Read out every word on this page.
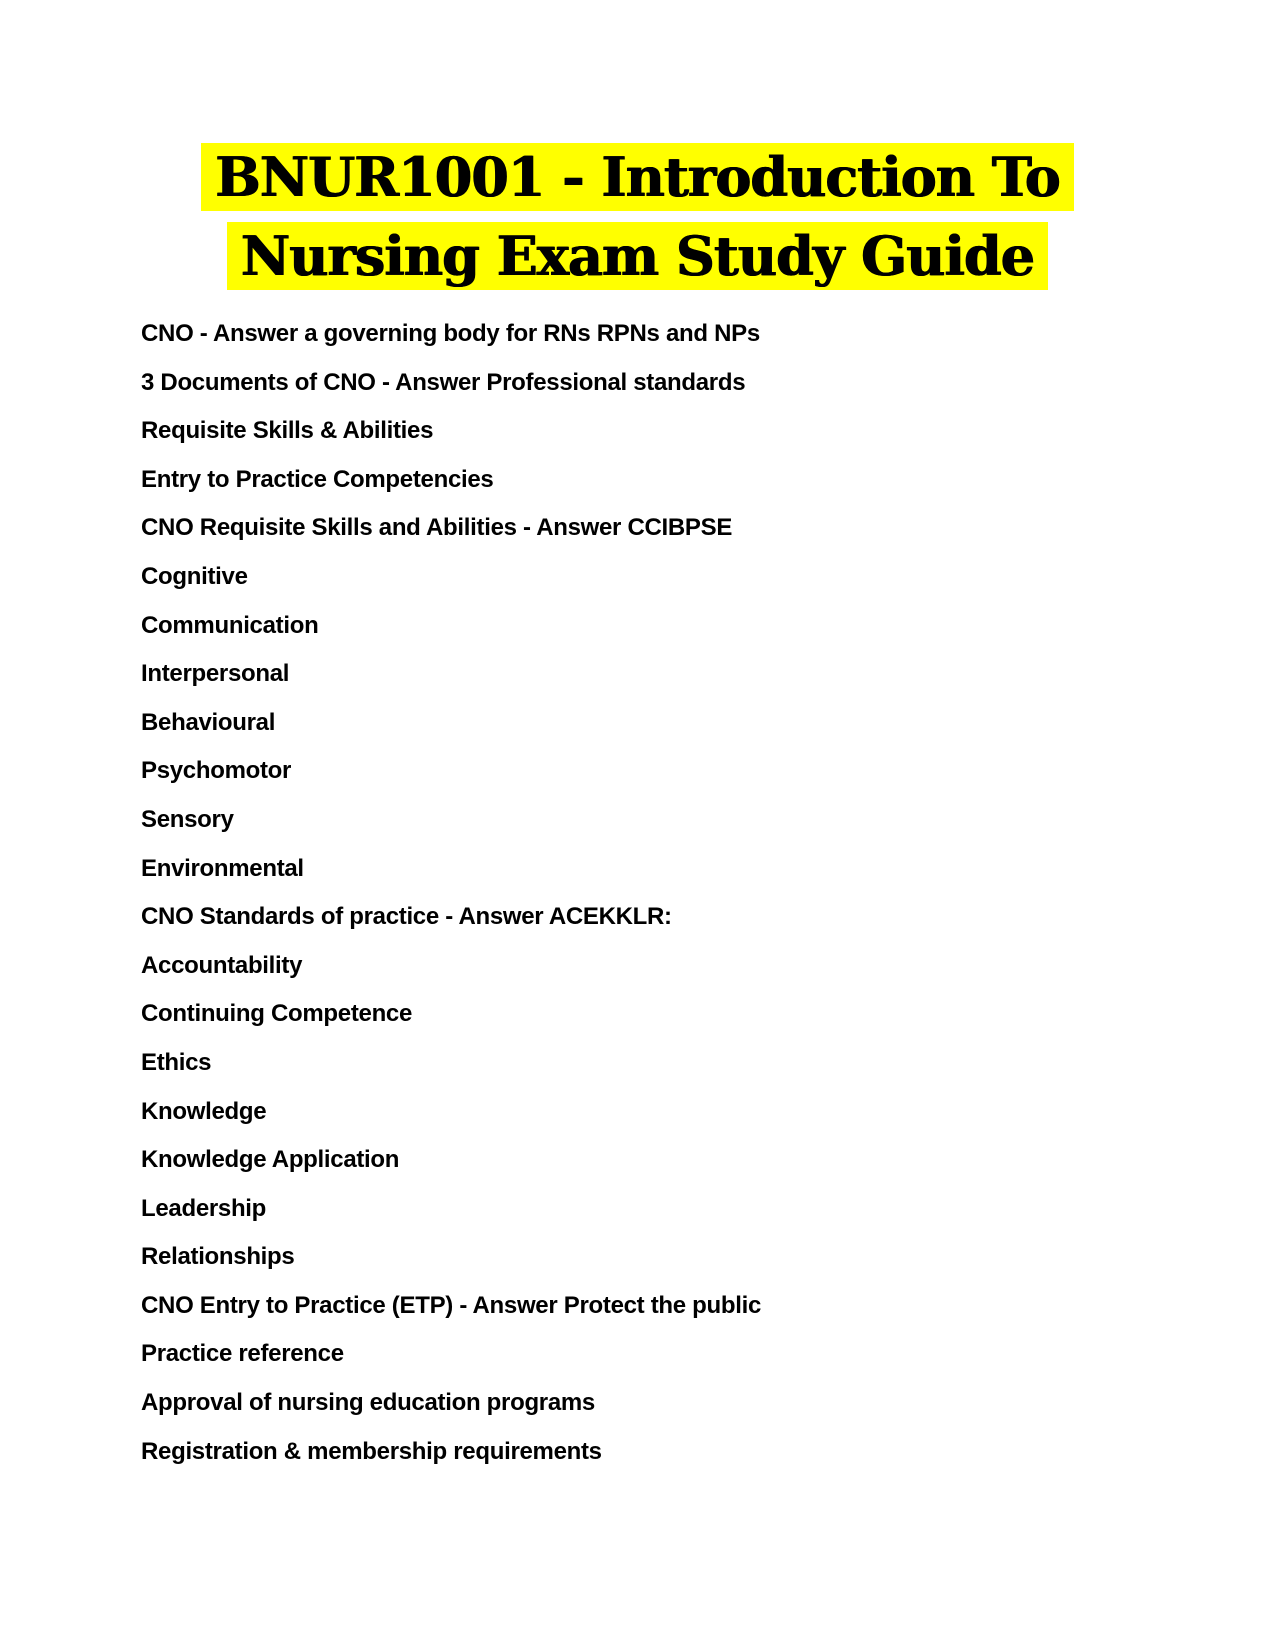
BNUR1001 - Introduction To
Nursing Exam Study Guide

CNO - Answer a governing body for RNs RPNs and NPs

3 Documents of CNO - Answer Professional standards

Requisite Skills & Abilities

Entry to Practice Competencies

CNO Requisite Skills and Abilities - Answer CCIBPSE

Cognitive

Communication

Interpersonal

Behavioural

Psychomotor

Sensory

Environmental

CNO Standards of practice - Answer ACEKKLR:

Accountability

Continuing Competence

Ethics

Knowledge

Knowledge Application

Leadership

Relationships

CNO Entry to Practice (ETP) - Answer Protect the public

Practice reference

Approval of nursing education programs

Registration & membership requirements
